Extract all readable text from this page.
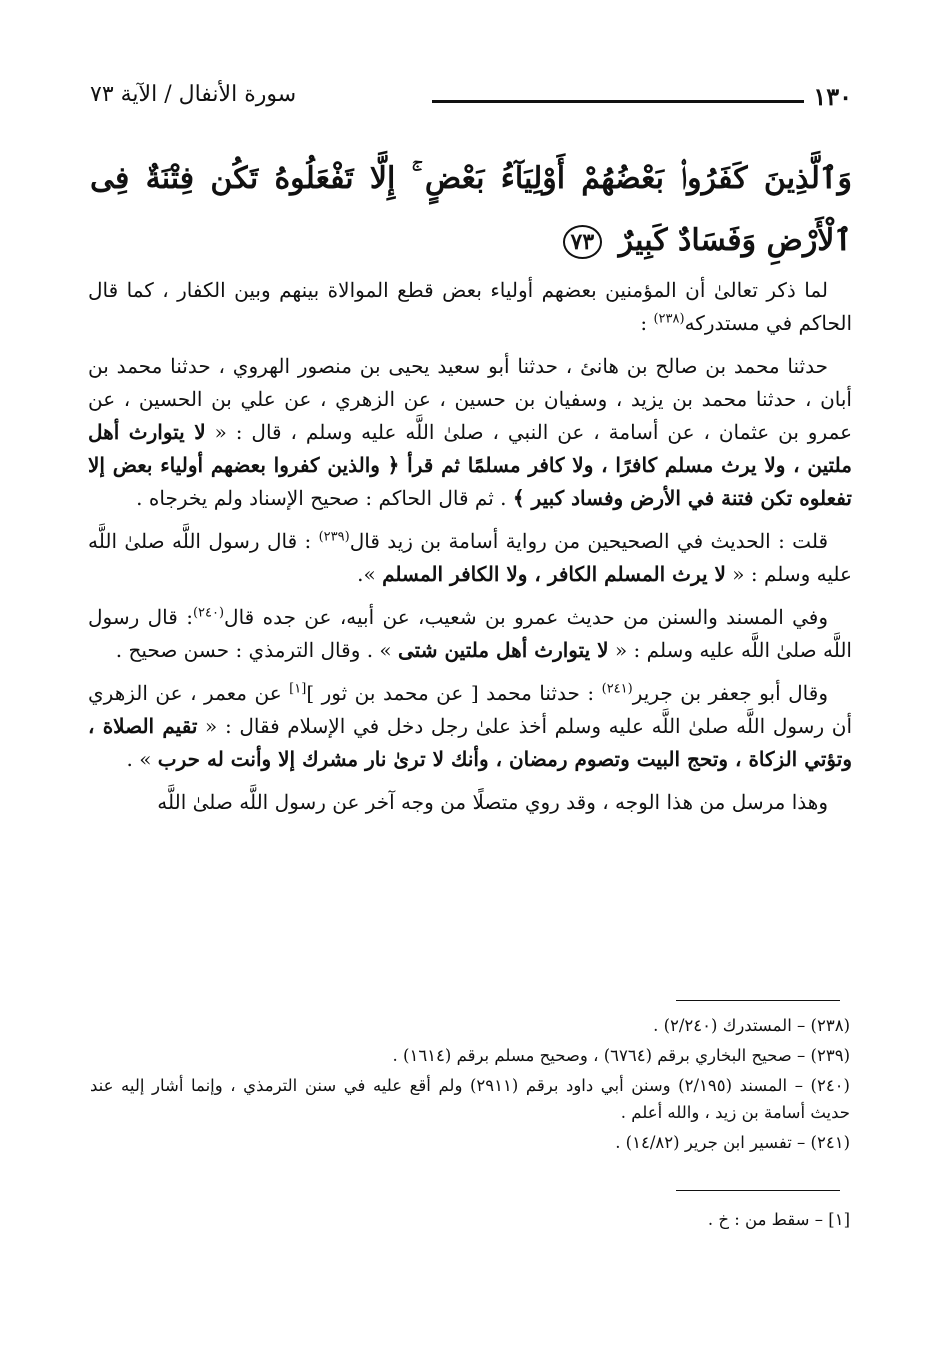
سورة الأنفال / الآية ٧٣	١٣٠
وَٱلَّذِينَ كَفَرُوا۟ بَعْضُهُمْ أَوْلِيَآءُ بَعْضٍ ۚ إِلَّا تَفْعَلُوهُ تَكُن فِتْنَةٌ فِى ٱلْأَرْضِ وَفَسَادٌ كَبِيرٌ ٧٣

لما ذكر تعالىٰ أن المؤمنين بعضهم أولياء بعض قطع الموالاة بينهم وبين الكفار ، كما قال الحاكم في مستدركه$^{(٢٣٨)}$ :

حدثنا محمد بن صالح بن هانئ ، حدثنا أبو سعيد يحيى بن منصور الهروي ، حدثنا محمد بن أبان ، حدثنا محمد بن يزيد ، وسفيان بن حسين ، عن الزهري ، عن علي بن الحسين ، عن عمرو بن عثمان ، عن أسامة ، عن النبي ، صلىٰ اللَّه عليه وسلم ، قال : « لا يتوارث أهل ملتين ، ولا يرث مسلم كافرًا ، ولا كافر مسلمًا ثم قرأ ﴿ والذين كفروا بعضهم أولياء بعض إلا تفعلوه تكن فتنة في الأرض وفساد كبير ﴾ . ثم قال الحاكم : صحيح الإسناد ولم يخرجاه .

قلت : الحديث في الصحيحين من رواية أسامة بن زيد قال$^{(٢٣٩)}$ : قال رسول اللَّه صلىٰ اللَّه عليه وسلم : « لا يرث المسلم الكافر ، ولا الكافر المسلم ».

وفي المسند والسنن من حديث عمرو بن شعيب، عن أبيه، عن جده قال$^{(٢٤٠)}$: قال رسول اللَّه صلىٰ اللَّه عليه وسلم : « لا يتوارث أهل ملتين شتى » . وقال الترمذي : حسن صحيح .

وقال أبو جعفر بن جرير$^{(٢٤١)}$ : حدثنا محمد [ عن محمد بن ثور ][١] عن معمر ، عن الزهري أن رسول اللَّه صلىٰ اللَّه عليه وسلم أخذ علىٰ رجل دخل في الإسلام فقال : « تقيم الصلاة ، وتؤتي الزكاة ، وتحج البيت وتصوم رمضان ، وأنك لا ترىٰ نار مشرك إلا وأنت له حرب » .

وهذا مرسل من هذا الوجه ، وقد روي متصلًا من وجه آخر عن رسول اللَّه صلىٰ اللَّه

(٢٣٨) – المستدرك (٢/٢٤٠) .

(٢٣٩) – صحيح البخاري برقم (٦٧٦٤) ، وصحيح مسلم برقم (١٦١٤) .

(٢٤٠) – المسند (٢/١٩٥) وسنن أبي داود برقم (٢٩١١) ولم أقع عليه في سنن الترمذي ، وإنما أشار إليه عند حديث أسامة بن زيد ، والله أعلم .

(٢٤١) – تفسير ابن جرير (١٤/٨٢) .

[١] – سقط من : خ .
